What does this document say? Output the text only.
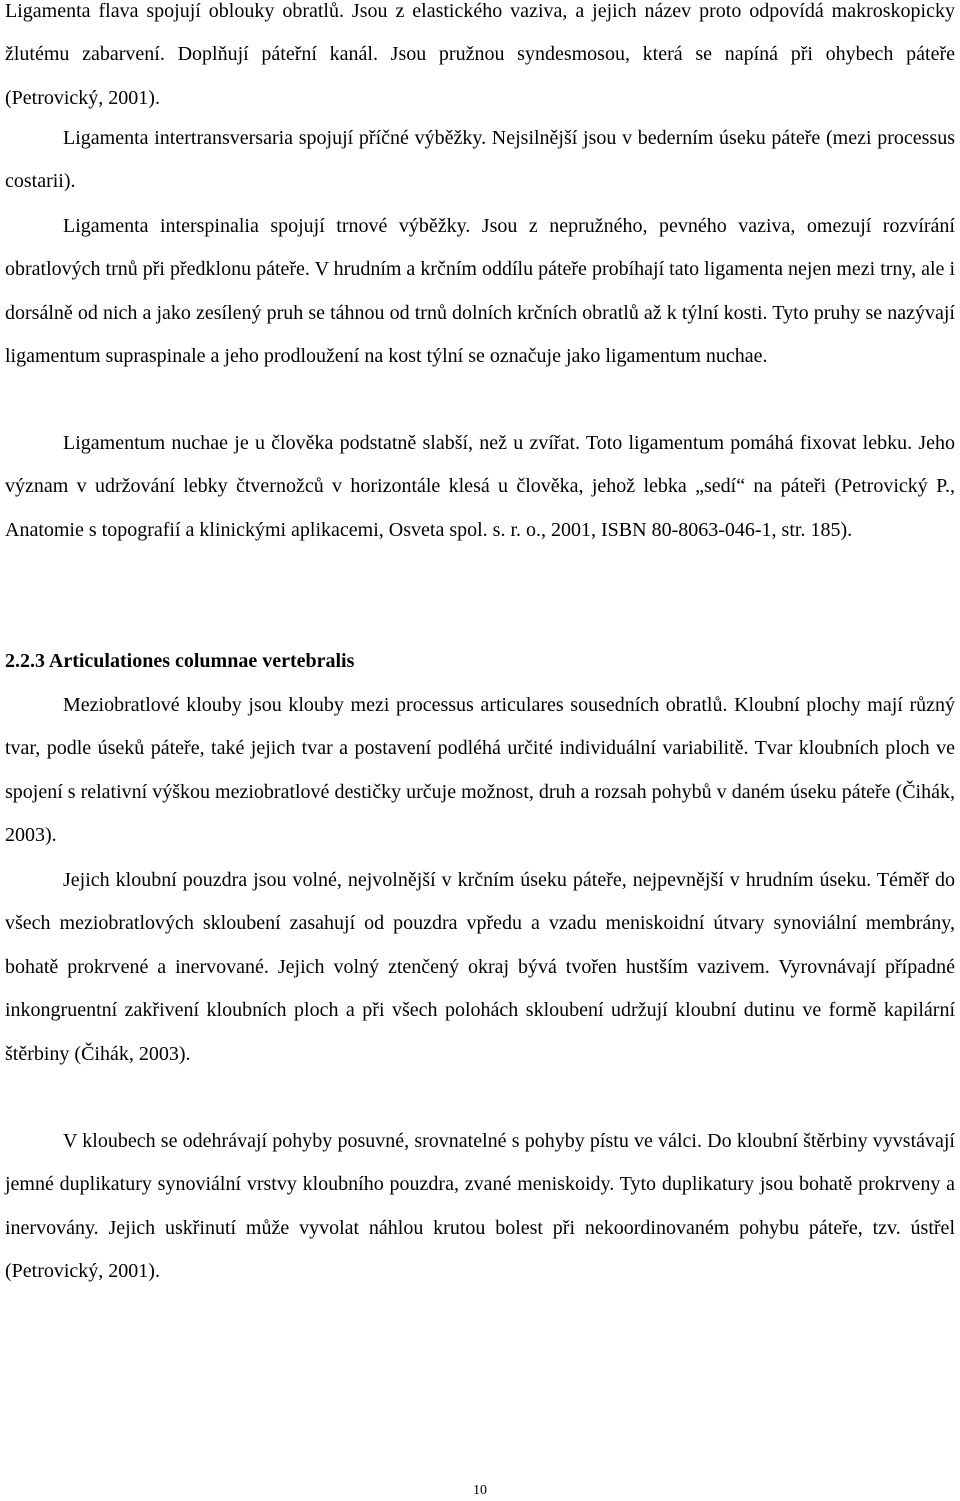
Ligamenta flava spojují oblouky obratlů. Jsou z elastického vaziva, a jejich název proto odpovídá makroskopicky žlutému zabarvení. Doplňují páteřní kanál. Jsou pružnou syndesmosou, která se napíná při ohybech páteře (Petrovický, 2001).

Ligamenta intertransversaria spojují příčné výběžky. Nejsilnější jsou v bederním úseku páteře (mezi processus costarii).

Ligamenta interspinalia spojují trnové výběžky. Jsou z nepružného, pevného vaziva, omezují rozvírání obratlových trnů při předklonu páteře. V hrudním a krčním oddílu páteře probíhají tato ligamenta nejen mezi trny, ale i dorsálně od nich a jako zesílený pruh se táhnou od trnů dolních krčních obratlů až k týlní kosti. Tyto pruhy se nazývají ligamentum supraspinale a jeho prodloužení na kost týlní se označuje jako ligamentum nuchae.

Ligamentum nuchae je u člověka podstatně slabší, než u zvířat. Toto ligamentum pomáhá fixovat lebku. Jeho význam v udržování lebky čtvernožců v horizontále klesá u člověka, jehož lebka „sedí“ na páteři (Petrovický P., Anatomie s topografií a klinickými aplikacemi, Osveta spol. s. r. o., 2001, ISBN 80-8063-046-1, str. 185).

2.2.3 Articulationes columnae vertebralis

Meziobratlové klouby jsou klouby mezi processus articulares sousedních obratlů. Kloubní plochy mají různý tvar, podle úseků páteře, také jejich tvar a postavení podléhá určité individuální variabilitě. Tvar kloubních ploch ve spojení s relativní výškou meziobratlové destičky určuje možnost, druh a rozsah pohybů v daném úseku páteře (Čihák, 2003).

Jejich kloubní pouzdra jsou volné, nejvolnější v krčním úseku páteře, nejpevnější v hrudním úseku. Téměř do všech meziobratlových skloubení zasahují od pouzdra vpředu a vzadu meniskoidní útvary synoviální membrány, bohatě prokrvené a inervované. Jejich volný ztenčený okraj bývá tvořen hustším vazivem. Vyrovnávají případné inkongruentní zakřivení kloubních ploch a při všech polohách skloubení udržují kloubní dutinu ve formě kapilární štěrbiny (Čihák, 2003).

V kloubech se odehrávají pohyby posuvné, srovnatelné s pohyby pístu ve válci. Do kloubní štěrbiny vyvstávají jemné duplikatury synoviální vrstvy kloubního pouzdra, zvané meniskoidy. Tyto duplikatury jsou bohatě prokrveny a inervovány. Jejich uskřinutí může vyvolat náhlou krutou bolest při nekoordinovaném pohybu páteře, tzv. ústřel (Petrovický, 2001).

10
